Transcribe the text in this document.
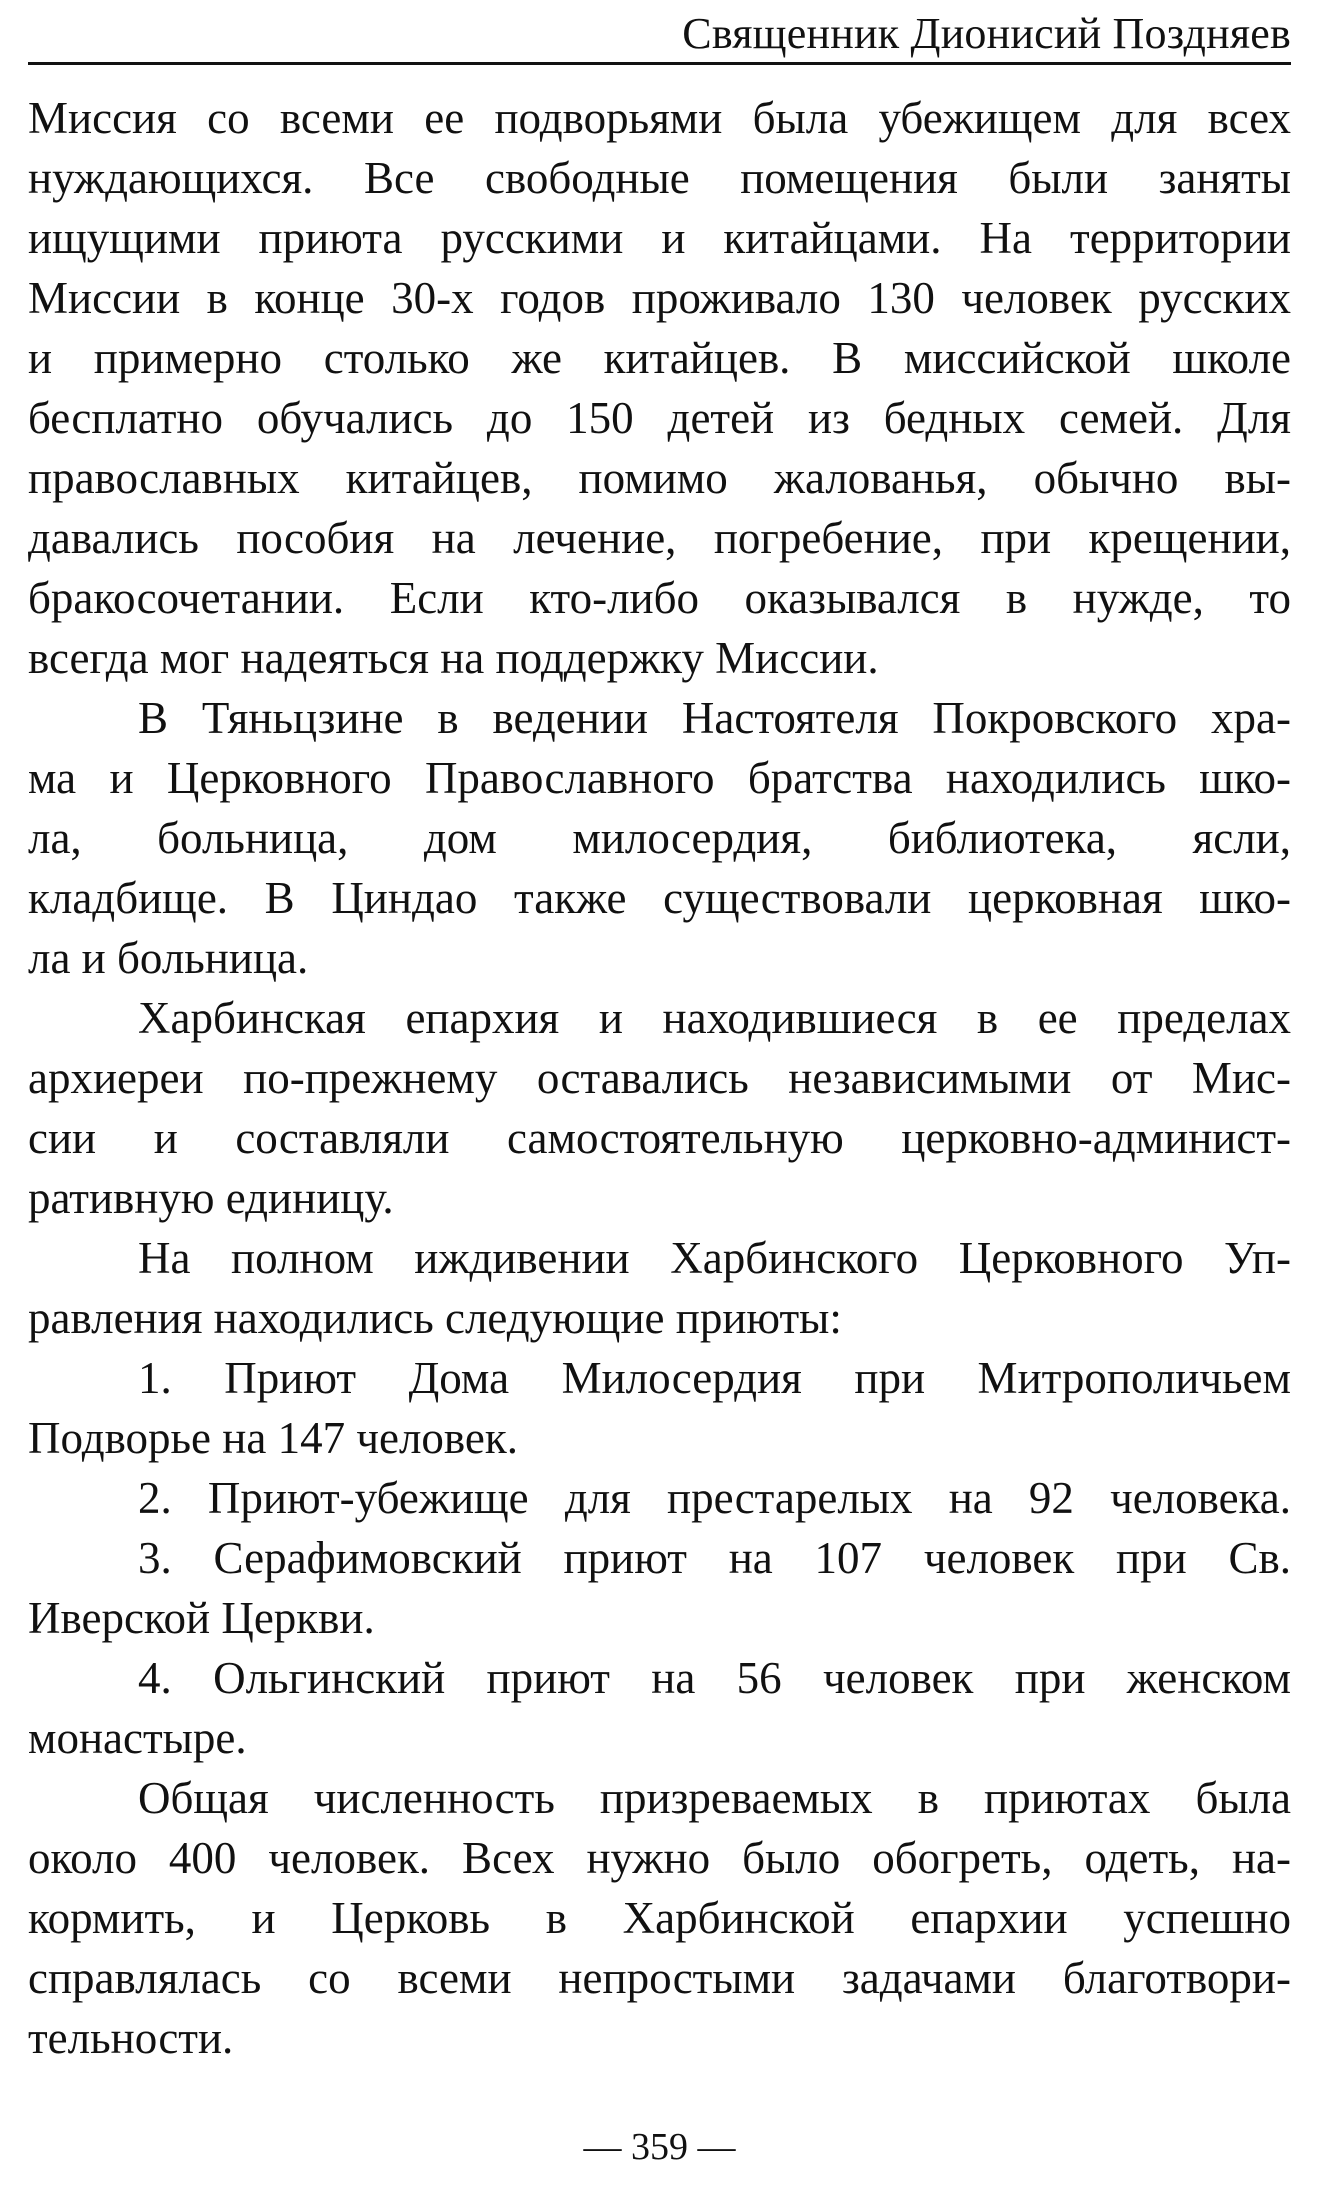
Священник Дионисий Поздняев
Миссия со всеми ее подворьями была убежищем для всех
нуждающихся. Все свободные помещения были заняты
ищущими приюта русскими и китайцами. На территории
Миссии в конце 30-х годов проживало 130 человек русских
и примерно столько же китайцев. В миссийской школе
бесплатно обучались до 150 детей из бедных семей. Для
православных китайцев, помимо жалованья, обычно вы-
давались пособия на лечение, погребение, при крещении,
бракосочетании. Если кто-либо оказывался в нужде, то
всегда мог надеяться на поддержку Миссии.
В Тяньцзине в ведении Настоятеля Покровского хра-
ма и Церковного Православного братства находились шко-
ла, больница, дом милосердия, библиотека, ясли,
кладбище. В Циндао также существовали церковная шко-
ла и больница.
Харбинская епархия и находившиеся в ее пределах
архиереи по-прежнему оставались независимыми от Мис-
сии и составляли самостоятельную церковно-админист-
ративную единицу.
На полном иждивении Харбинского Церковного Уп-
равления находились следующие приюты:
1. Приют Дома Милосердия при Митрополичьем
Подворье на 147 человек.
2. Приют-убежище для престарелых на 92 человека.
3. Серафимовский приют на 107 человек при Св.
Иверской Церкви.
4. Ольгинский приют на 56 человек при женском
монастыре.
Общая численность призреваемых в приютах была
около 400 человек. Всех нужно было обогреть, одеть, на-
кормить, и Церковь в Харбинской епархии успешно
справлялась со всеми непростыми задачами благотвори-
тельности.
— 359 —
